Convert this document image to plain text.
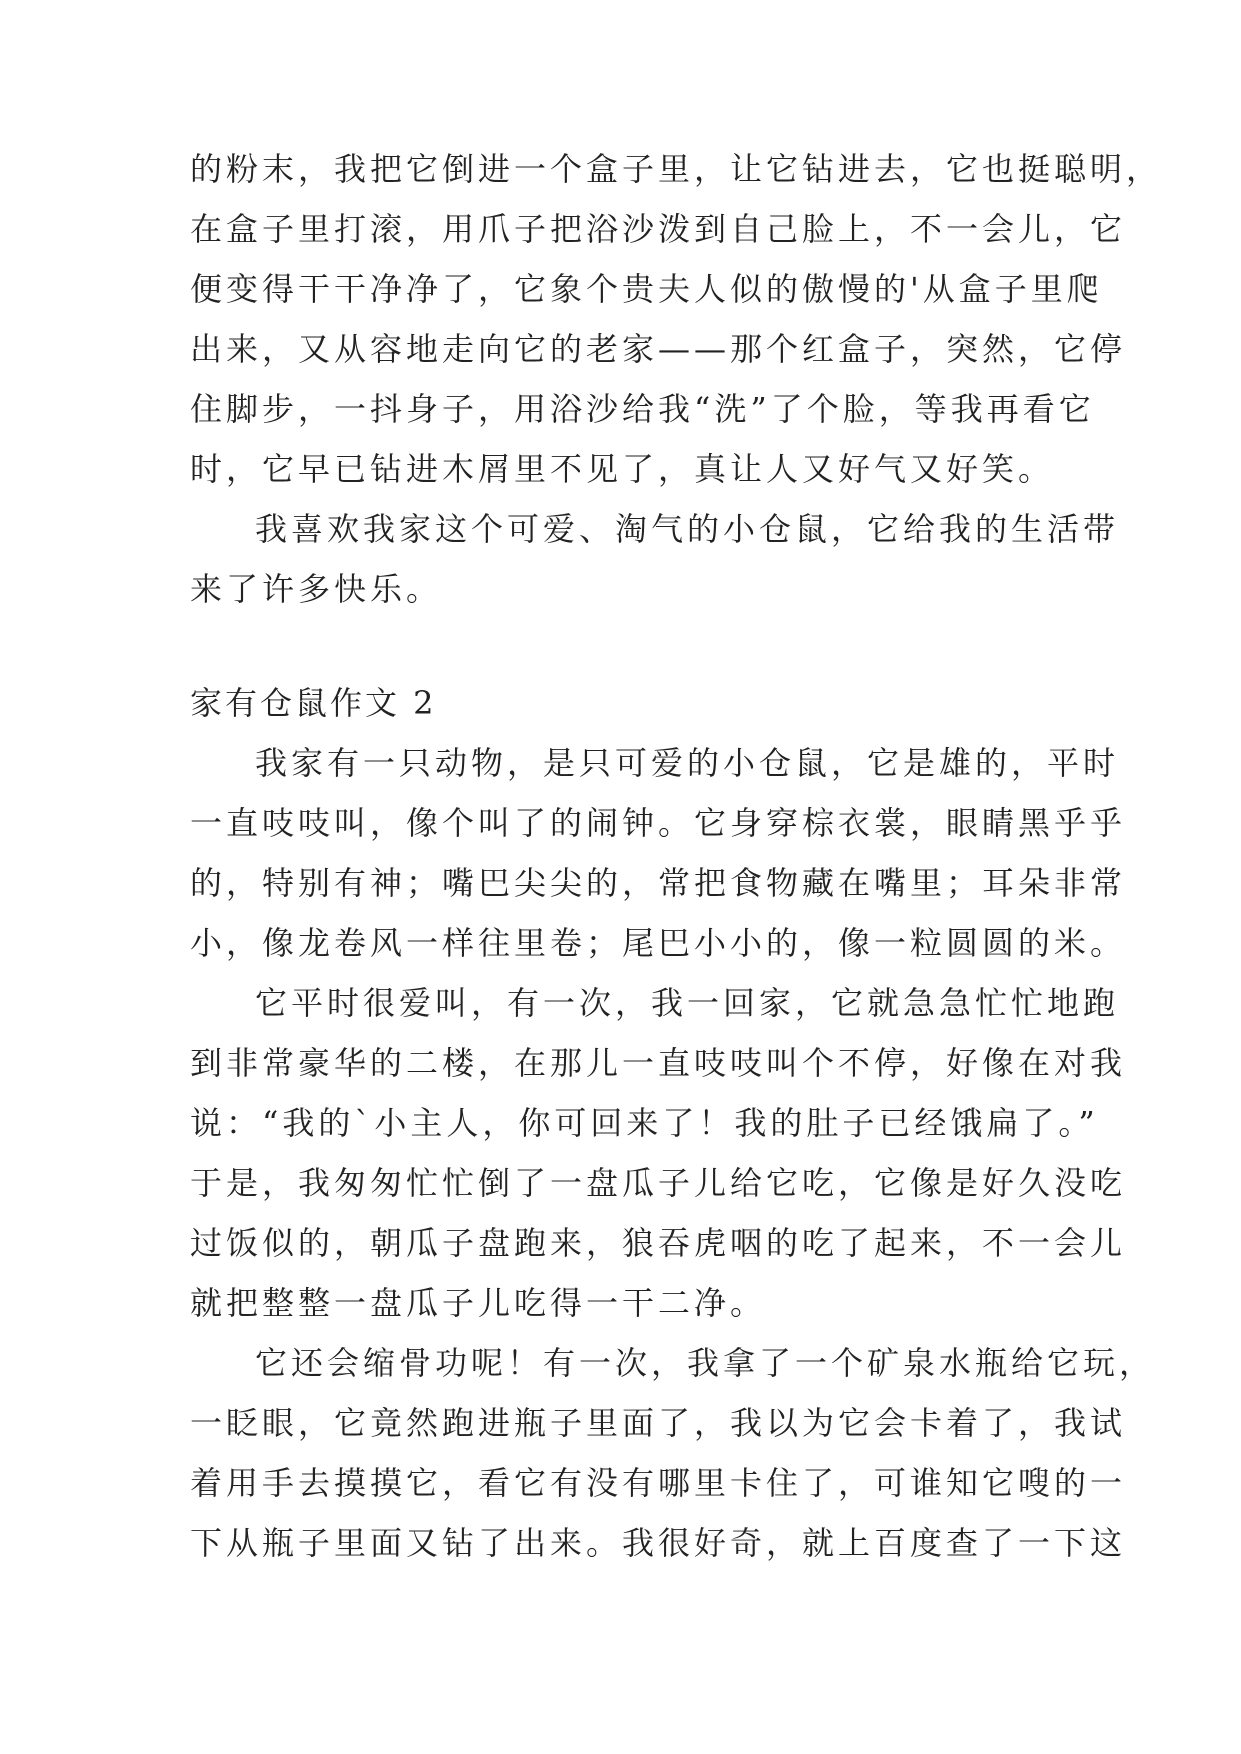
的粉末，我把它倒进一个盒子里，让它钻进去，它也挺聪明，
在盒子里打滚，用爪子把浴沙泼到自己脸上，不一会儿，它
便变得干干净净了，它象个贵夫人似的傲慢的'从盒子里爬
出来，又从容地走向它的老家——那个红盒子，突然，它停
住脚步，一抖身子，用浴沙给我“洗”了个脸，等我再看它
时，它早已钻进木屑里不见了，真让人又好气又好笑。
我喜欢我家这个可爱、淘气的小仓鼠，它给我的生活带
来了许多快乐。
家有仓鼠作文 2
我家有一只动物，是只可爱的小仓鼠，它是雄的，平时
一直吱吱叫，像个叫了的闹钟。它身穿棕衣裳，眼睛黑乎乎
的，特别有神；嘴巴尖尖的，常把食物藏在嘴里；耳朵非常
小，像龙卷风一样往里卷；尾巴小小的，像一粒圆圆的米。
它平时很爱叫，有一次，我一回家，它就急急忙忙地跑
到非常豪华的二楼，在那儿一直吱吱叫个不停，好像在对我
说：“我的`小主人，你可回来了！我的肚子已经饿扁了。”
于是，我匆匆忙忙倒了一盘瓜子儿给它吃，它像是好久没吃
过饭似的，朝瓜子盘跑来，狼吞虎咽的吃了起来，不一会儿
就把整整一盘瓜子儿吃得一干二净。
它还会缩骨功呢！有一次，我拿了一个矿泉水瓶给它玩，
一眨眼，它竟然跑进瓶子里面了，我以为它会卡着了，我试
着用手去摸摸它，看它有没有哪里卡住了，可谁知它嗖的一
下从瓶子里面又钻了出来。我很好奇，就上百度查了一下这
